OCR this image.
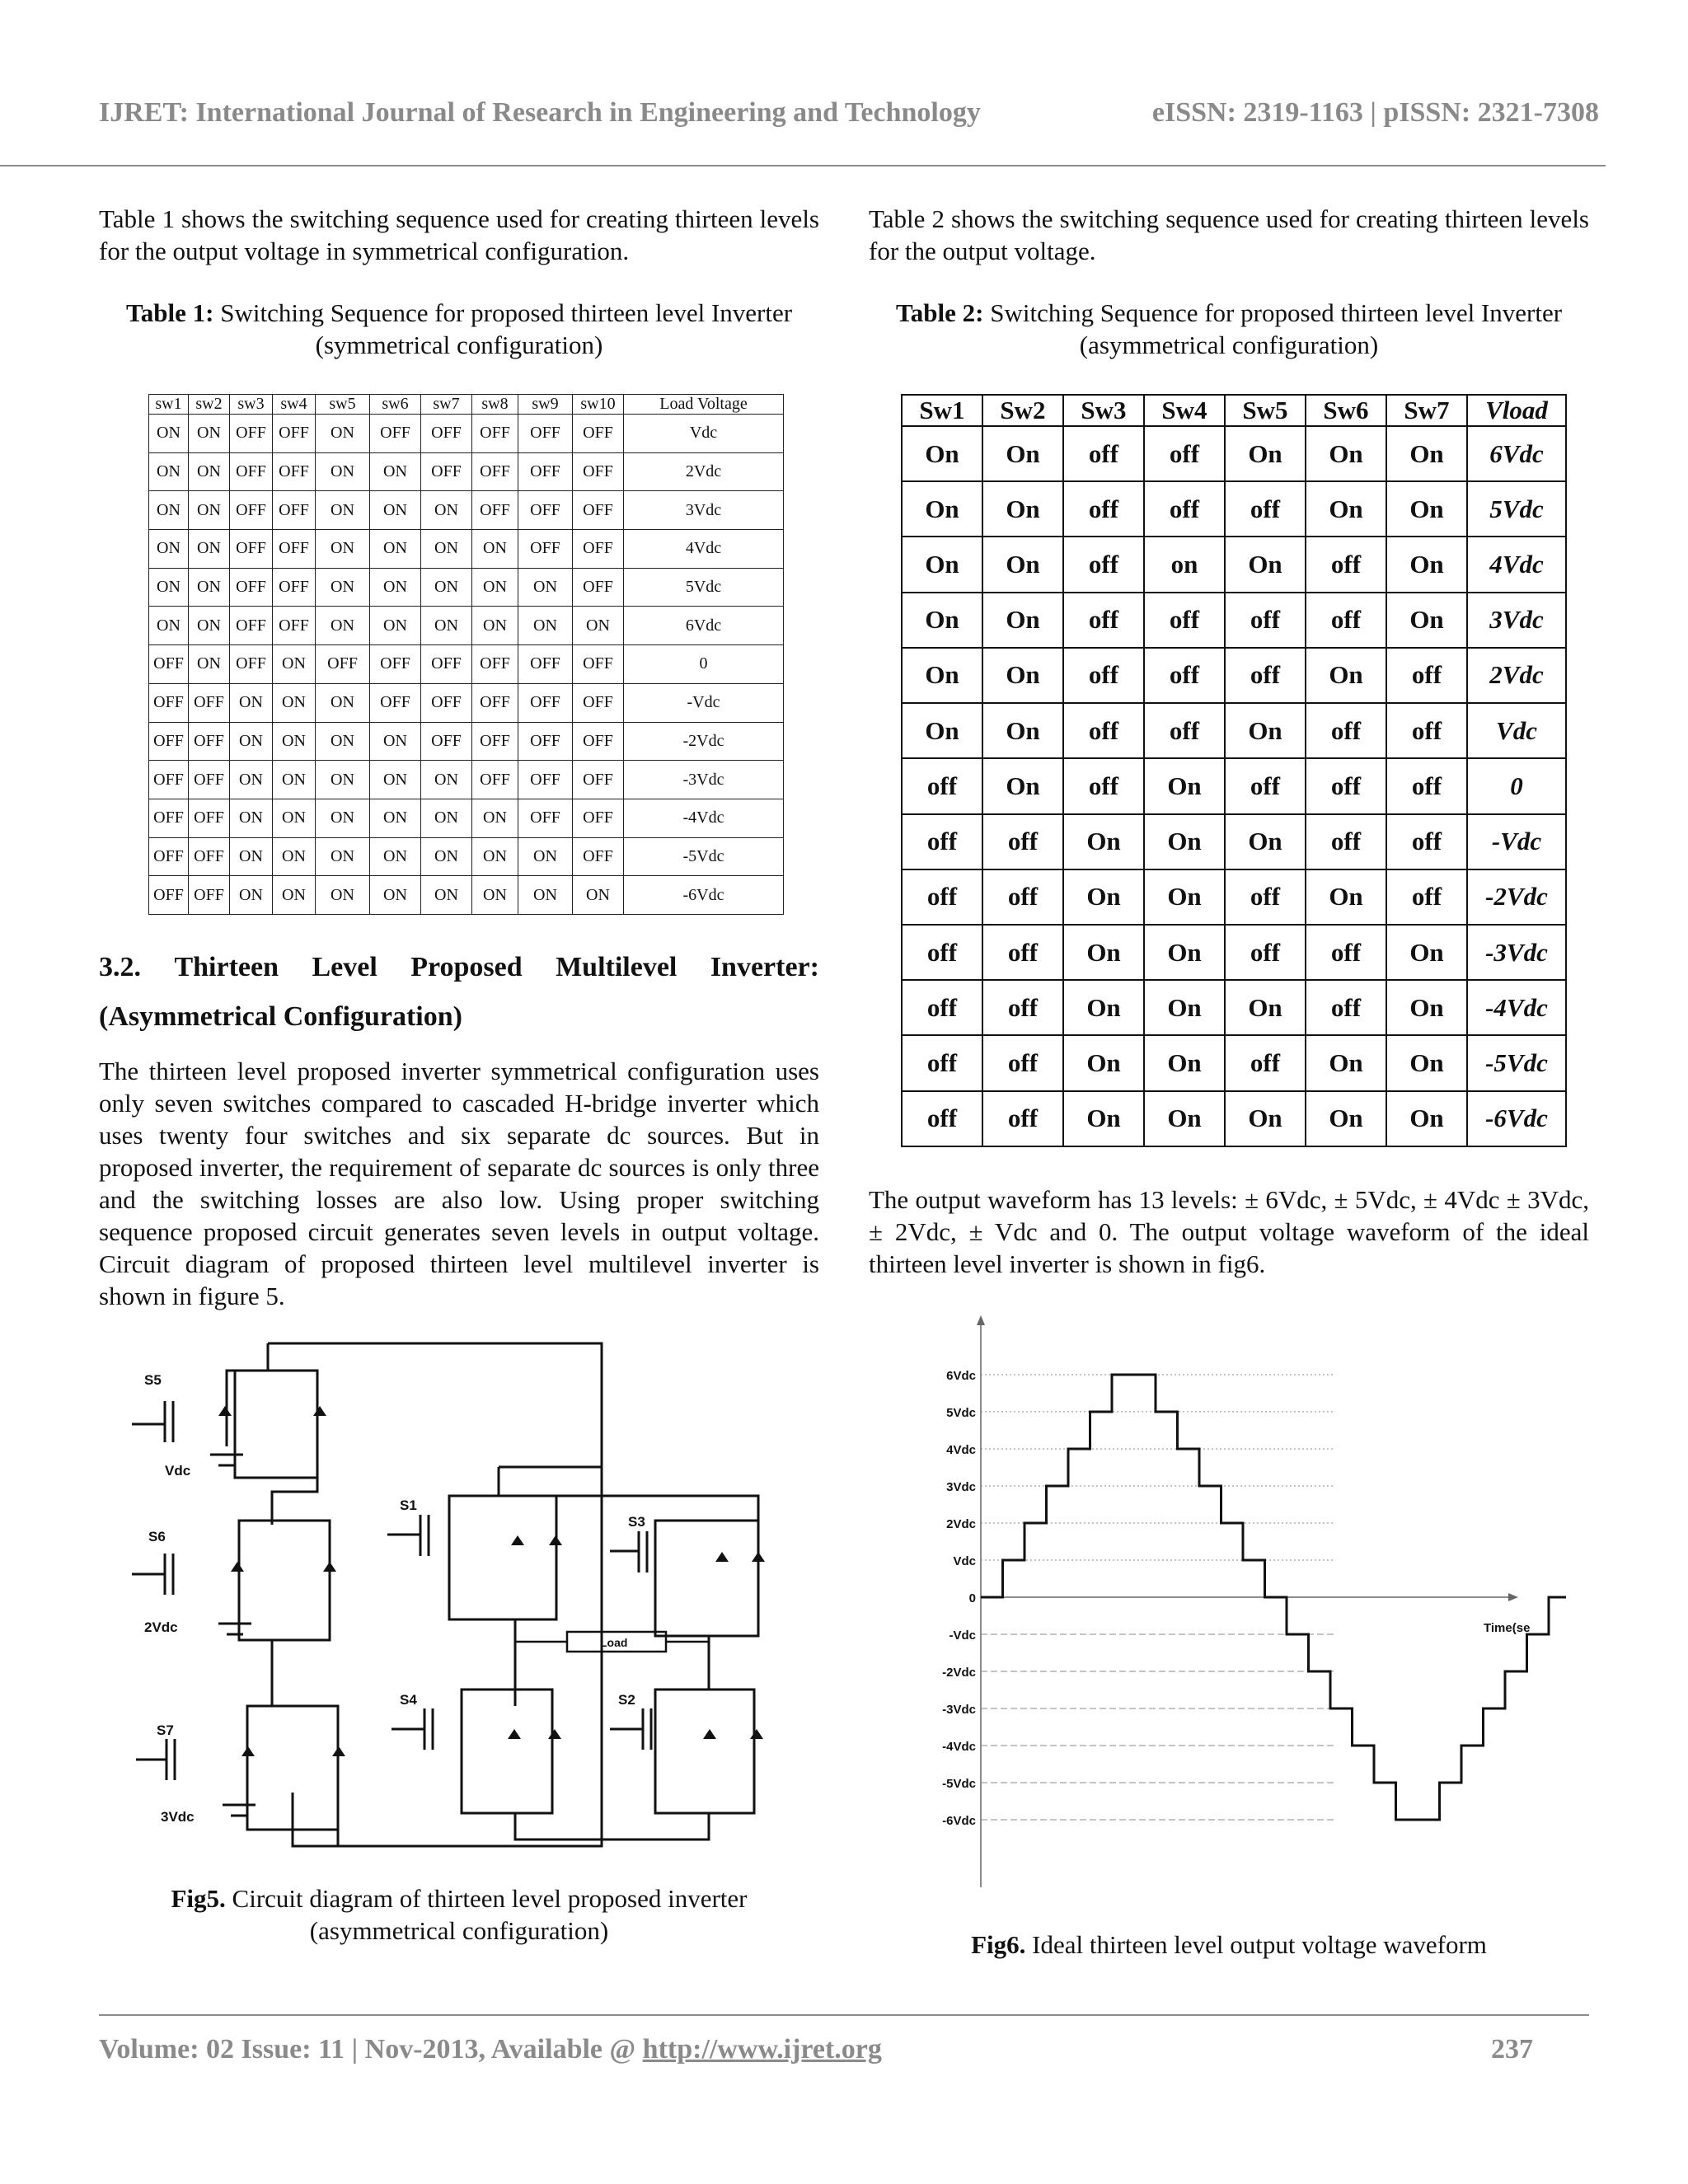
IJRET: International Journal of Research in Engineering and Technology	eISSN: 2319-1163 | pISSN: 2321-7308
Table 1 shows the switching sequence used for creating thirteen levels for the output voltage in symmetrical configuration.
Table 1: Switching Sequence for proposed thirteen level Inverter (symmetrical configuration)
sw1	sw2	sw3	sw4	sw5	sw6	sw7	sw8	sw9	sw10	Load Voltage
ON	ON	OFF	OFF	ON	OFF	OFF	OFF	OFF	OFF	Vdc
ON	ON	OFF	OFF	ON	ON	OFF	OFF	OFF	OFF	2Vdc
ON	ON	OFF	OFF	ON	ON	ON	OFF	OFF	OFF	3Vdc
ON	ON	OFF	OFF	ON	ON	ON	ON	OFF	OFF	4Vdc
ON	ON	OFF	OFF	ON	ON	ON	ON	ON	OFF	5Vdc
ON	ON	OFF	OFF	ON	ON	ON	ON	ON	ON	6Vdc
OFF	ON	OFF	ON	OFF	OFF	OFF	OFF	OFF	OFF	0
OFF	OFF	ON	ON	ON	OFF	OFF	OFF	OFF	OFF	-Vdc
OFF	OFF	ON	ON	ON	ON	OFF	OFF	OFF	OFF	-2Vdc
OFF	OFF	ON	ON	ON	ON	ON	OFF	OFF	OFF	-3Vdc
OFF	OFF	ON	ON	ON	ON	ON	ON	OFF	OFF	-4Vdc
OFF	OFF	ON	ON	ON	ON	ON	ON	ON	OFF	-5Vdc
OFF	OFF	ON	ON	ON	ON	ON	ON	ON	ON	-6Vdc
3.2. Thirteen Level Proposed Multilevel Inverter:
(Asymmetrical Configuration)
The thirteen level proposed inverter symmetrical configuration uses only seven switches compared to cascaded H-bridge inverter which uses twenty four switches and six separate dc sources. But in proposed inverter, the requirement of separate dc sources is only three and the switching losses are also low. Using proper switching sequence proposed circuit generates seven levels in output voltage. Circuit diagram of proposed thirteen level multilevel inverter is shown in figure 5.
S5
Vdc
S6
2Vdc
S7
3Vdc
S1
S3
S4	S2
Load
Fig5. Circuit diagram of thirteen level proposed inverter (asymmetrical configuration)
Table 2 shows the switching sequence used for creating thirteen levels for the output voltage.
Table 2: Switching Sequence for proposed thirteen level Inverter (asymmetrical configuration)
Sw1	Sw2	Sw3	Sw4	Sw5	Sw6	Sw7	Vload
On	On	off	off	On	On	On	6Vdc
On	On	off	off	off	On	On	5Vdc
On	On	off	on	On	off	On	4Vdc
On	On	off	off	off	off	On	3Vdc
On	On	off	off	off	On	off	2Vdc
On	On	off	off	On	off	off	Vdc
off	On	off	On	off	off	off	0
off	off	On	On	On	off	off	-Vdc
off	off	On	On	off	On	off	-2Vdc
off	off	On	On	off	off	On	-3Vdc
off	off	On	On	On	off	On	-4Vdc
off	off	On	On	off	On	On	-5Vdc
off	off	On	On	On	On	On	-6Vdc
The output waveform has 13 levels: ± 6Vdc, ± 5Vdc, ± 4Vdc ± 3Vdc, ± 2Vdc, ± Vdc and 0. The output voltage waveform of the ideal thirteen level inverter is shown in fig6.
6Vdc
5Vdc
4Vdc
3Vdc
2Vdc
Vdc
0
-Vdc
-2Vdc
-3Vdc
-4Vdc
-5Vdc
-6Vdc
Time(se
Fig6. Ideal thirteen level output voltage waveform
Volume: 02 Issue: 11 | Nov-2013, Available @ http://www.ijret.org	237
